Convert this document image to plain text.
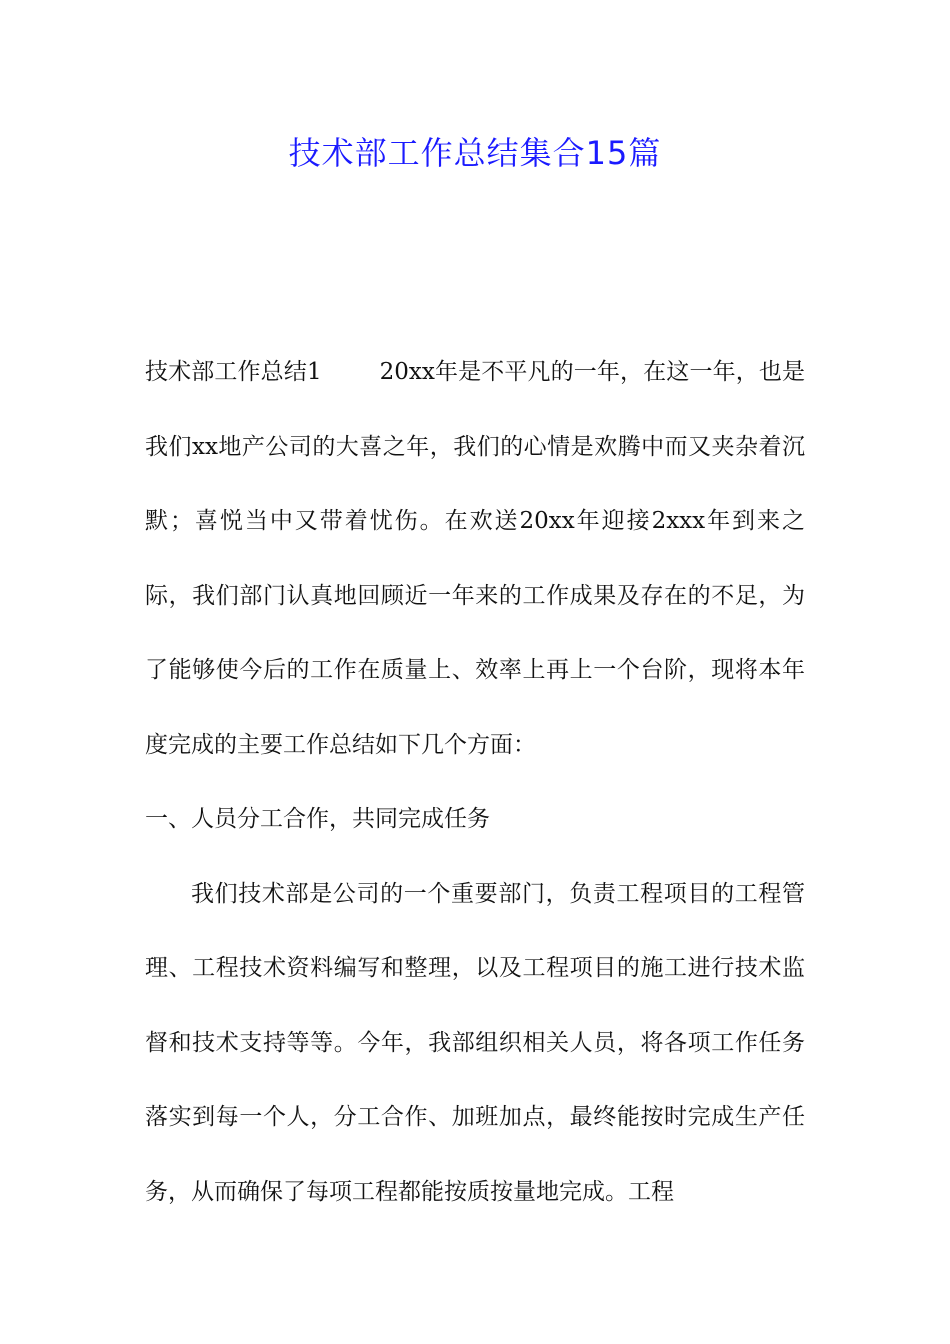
技术部工作总结集合15篇

技术部工作总结1	20xx年是不平凡的一年，在这一年，也是我们xx地产公司的大喜之年，我们的心情是欢腾中而又夹杂着沉默；喜悦当中又带着忧伤。在欢送20xx年迎接2xxx年到来之际，我们部门认真地回顾近一年来的工作成果及存在的不足，为了能够使今后的工作在质量上、效率上再上一个台阶，现将本年度完成的主要工作总结如下几个方面：

一、人员分工合作，共同完成任务

我们技术部是公司的一个重要部门，负责工程项目的工程管理、工程技术资料编写和整理，以及工程项目的施工进行技术监督和技术支持等等。今年，我部组织相关人员，将各项工作任务落实到每一个人，分工合作、加班加点，最终能按时完成生产任务，从而确保了每项工程都能按质按量地完成。工程
